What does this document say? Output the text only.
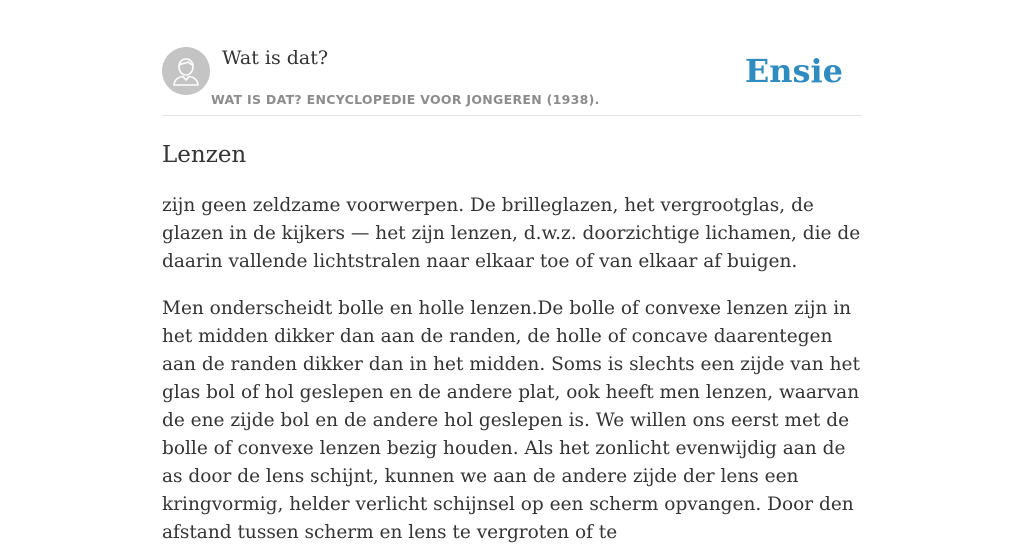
Wat is dat?
WAT IS DAT? ENCYCLOPEDIE VOOR JONGEREN (1938).
Ensie
Lenzen

zijn geen zeldzame voorwerpen. De brilleglazen, het vergrootglas, de glazen in de kijkers — het zijn lenzen, d.w.z. doorzichtige lichamen, die de daarin vallende lichtstralen naar elkaar toe of van elkaar af buigen.

Men onderscheidt bolle en holle lenzen.De bolle of convexe lenzen zijn in het midden dikker dan aan de randen, de holle of concave daarentegen aan de randen dikker dan in het midden. Soms is slechts een zijde van het glas bol of hol geslepen en de andere plat, ook heeft men lenzen, waarvan de ene zijde bol en de andere hol geslepen is. We willen ons eerst met de bolle of convexe lenzen bezig houden. Als het zonlicht evenwijdig aan de as door de lens schijnt, kunnen we aan de andere zijde der lens een kringvormig, helder verlicht schijnsel op een scherm opvangen. Door den afstand tussen scherm en lens te vergroten of te
